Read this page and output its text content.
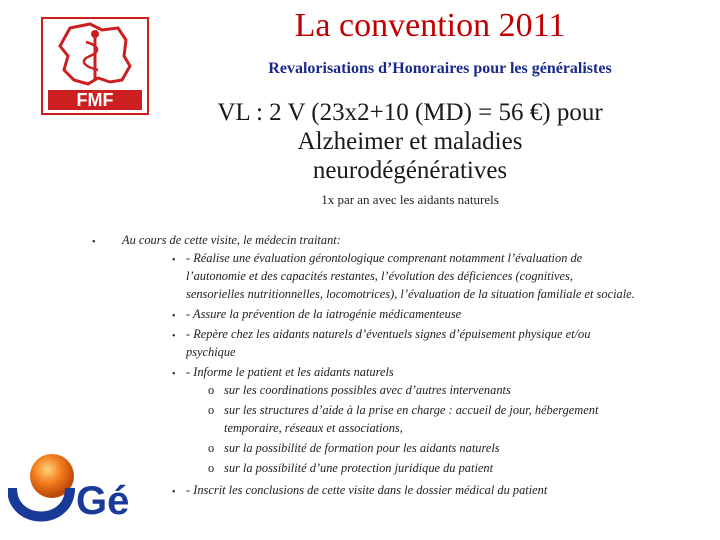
FMF
Gé
La convention 2011
Revalorisations d’Honoraires pour les généralistes
VL : 2 V (23x2+10 (MD) = 56 €) pour
Alzheimer et maladies
neurodégénératives
1x par an avec les aidants naturels
• Au cours de cette visite, le médecin traitant:
• - Réalise une évaluation gérontologique comprenant notamment l’évaluation de
l’autonomie et des capacités restantes, l’évolution des déficiences (cognitives,
sensorielles nutritionnelles, locomotrices), l’évaluation de la situation familiale et sociale.
• - Assure la prévention de la iatrogénie médicamenteuse
• - Repère chez les aidants naturels d’éventuels signes d’épuisement physique et/ou
psychique
• - Informe le patient et les aidants naturels
o sur les coordinations possibles avec d’autres intervenants
o sur les structures d’aide à la prise en charge : accueil de jour, hébergement
temporaire, réseaux et associations,
o sur la possibilité de formation pour les aidants naturels
o sur la possibilité d’une protection juridique du patient
• - Inscrit les conclusions de cette visite dans le dossier médical du patient
